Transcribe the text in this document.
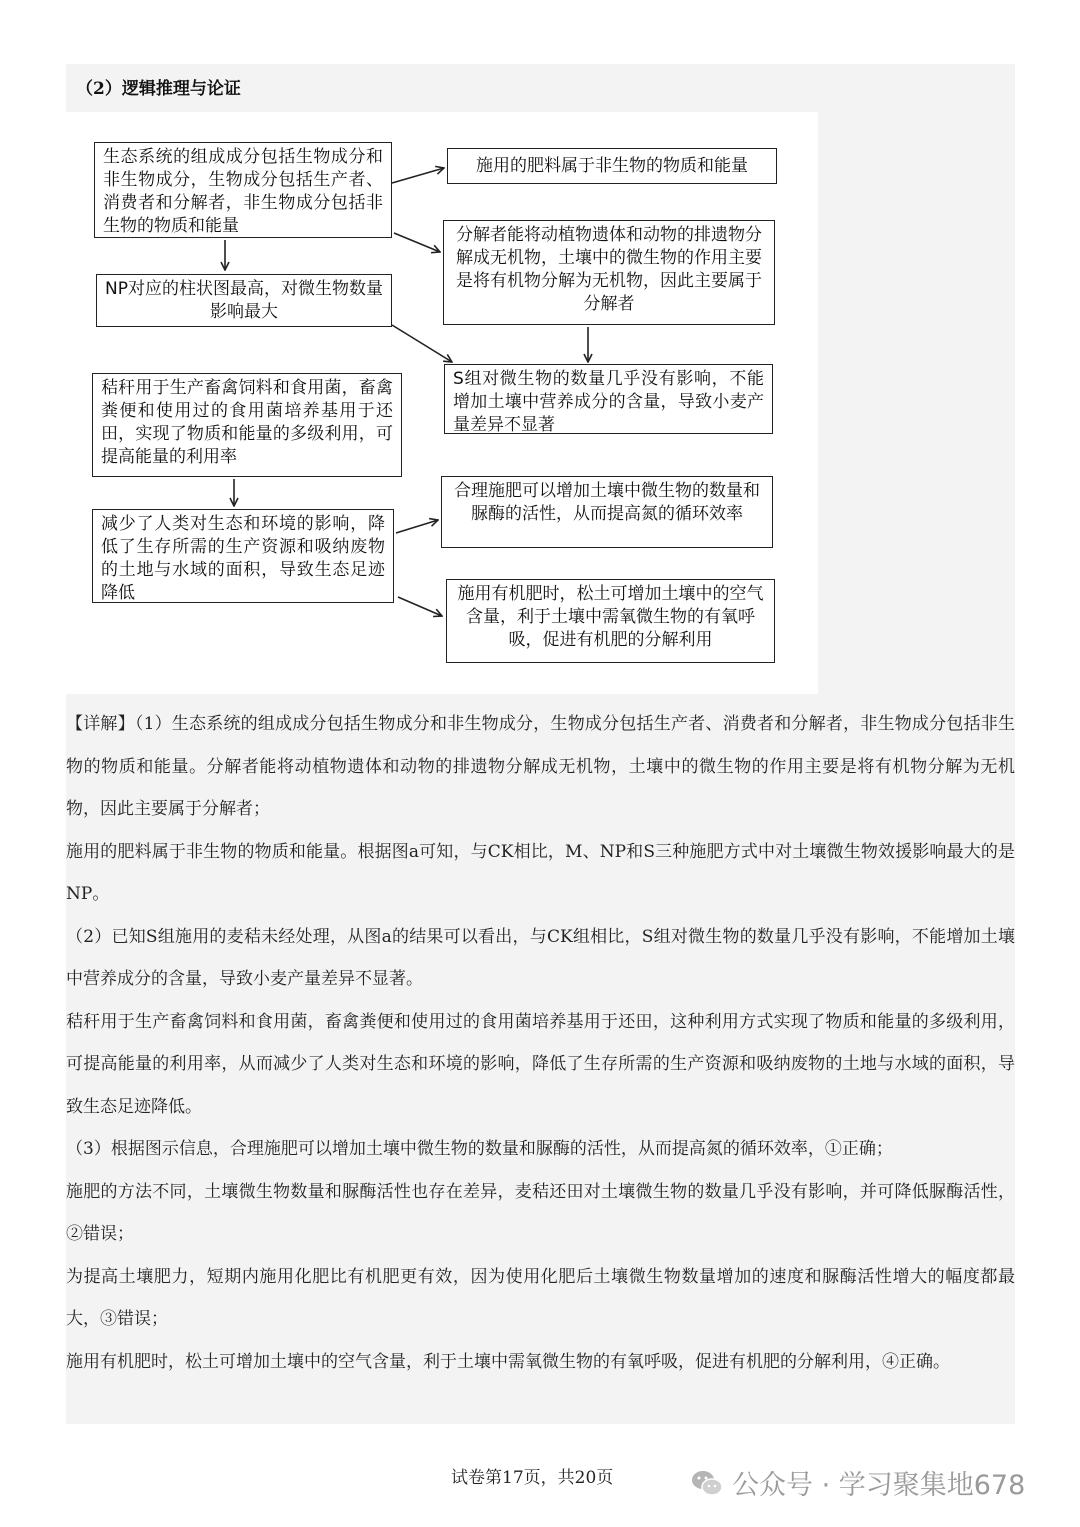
（2）逻辑推理与论证
生态系统的组成成分包括生物成分和非生物成分，生物成分包括生产者、消费者和分解者，非生物成分包括非生物的物质和能量
NP对应的柱状图最高，对微生物数量影响最大
秸秆用于生产畜禽饲料和食用菌，畜禽粪便和使用过的食用菌培养基用于还田，实现了物质和能量的多级利用，可提高能量的利用率
减少了人类对生态和环境的影响，降低了生存所需的生产资源和吸纳废物的土地与水域的面积，导致生态足迹降低
施用的肥料属于非生物的物质和能量
分解者能将动植物遗体和动物的排遗物分解成无机物，土壤中的微生物的作用主要是将有机物分解为无机物，因此主要属于分解者
S组对微生物的数量几乎没有影响，不能增加土壤中营养成分的含量，导致小麦产量差异不显著
合理施肥可以增加土壤中微生物的数量和脲酶的活性，从而提高氮的循环效率
施用有机肥时，松土可增加土壤中的空气含量，利于土壤中需氧微生物的有氧呼吸，促进有机肥的分解利用

【详解】（1）生态系统的组成成分包括生物成分和非生物成分，生物成分包括生产者、消费者和分解者，非生物成分包括非生物的物质和能量。分解者能将动植物遗体和动物的排遗物分解成无机物，土壤中的微生物的作用主要是将有机物分解为无机物，因此主要属于分解者；

施用的肥料属于非生物的物质和能量。根据图a可知，与CK相比，M、NP和S三种施肥方式中对土壤微生物效援影响最大的是NP。

（2）已知S组施用的麦秸未经处理，从图a的结果可以看出，与CK组相比，S组对微生物的数量几乎没有影响，不能增加土壤中营养成分的含量，导致小麦产量差异不显著。

秸秆用于生产畜禽饲料和食用菌，畜禽粪便和使用过的食用菌培养基用于还田，这种利用方式实现了物质和能量的多级利用，可提高能量的利用率，从而减少了人类对生态和环境的影响，降低了生存所需的生产资源和吸纳废物的土地与水域的面积，导致生态足迹降低。

（3）根据图示信息，合理施肥可以增加土壤中微生物的数量和脲酶的活性，从而提高氮的循环效率，①正确；

施肥的方法不同，土壤微生物数量和脲酶活性也存在差异，麦秸还田对土壤微生物的数量几乎没有影响，并可降低脲酶活性，②错误；

为提高土壤肥力，短期内施用化肥比有机肥更有效，因为使用化肥后土壤微生物数量增加的速度和脲酶活性增大的幅度都最大，③错误；

施用有机肥时，松土可增加土壤中的空气含量，利于土壤中需氧微生物的有氧呼吸，促进有机肥的分解利用，④正确。

试卷第17页，共20页	公众号 · 学习聚集地678
